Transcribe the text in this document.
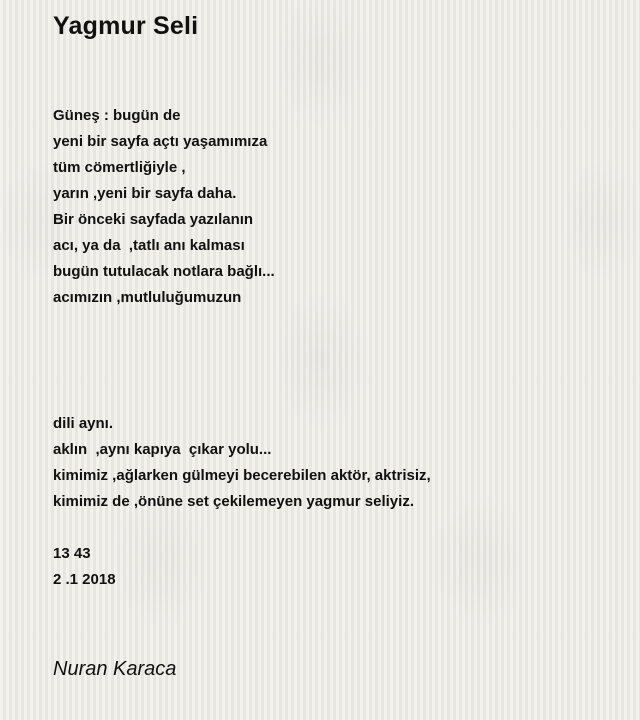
Yagmur Seli
Güneş : bugün de
yeni bir sayfa açtı yaşamımıza
tüm cömertliğiyle ,
yarın ,yeni bir sayfa daha.
Bir önceki sayfada yazılanın
acı, ya da  ,tatlı anı kalması
bugün tutulacak notlara bağlı...
acımızın ,mutluluğumuzun
dili aynı.
aklın  ,aynı kapıya  çıkar yolu...
kimimiz ,ağlarken gülmeyi becerebilen aktör, aktrisiz,
kimimiz de ,önüne set çekilemeyen yagmur seliyiz.
13 43
2 .1 2018
Nuran Karaca
